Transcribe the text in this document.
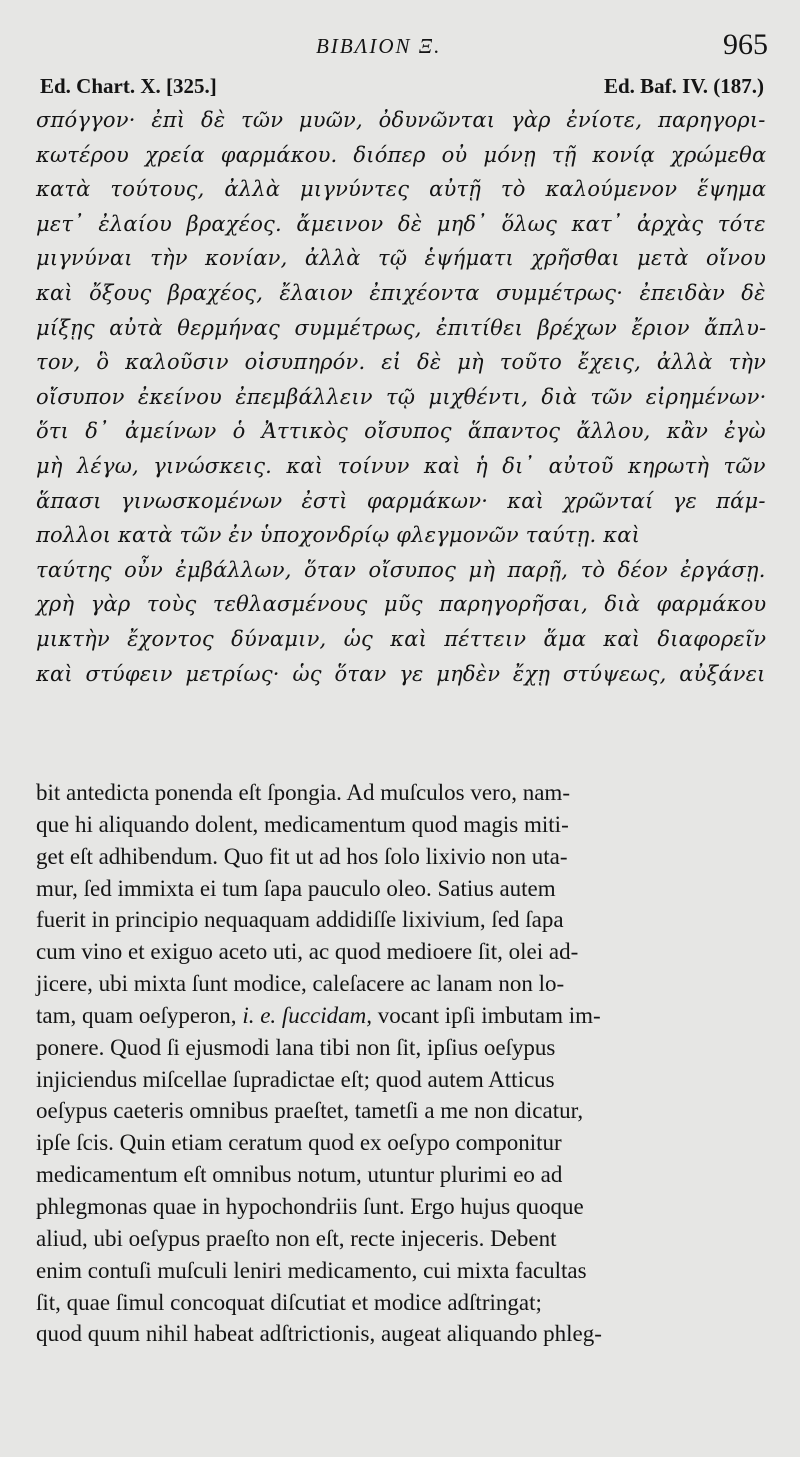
ΒΙΒΛΙΟΝ Ξ.	965
Ed. Chart. X. [325.]	Ed. Baf. IV. (187.)
σπόγγον· ἐπὶ δὲ τῶν μυῶν, ὀδυνῶνται γὰρ ἐνίοτε, παρηγορι-
κωτέρου χρεία φαρμάκου. διόπερ οὐ μόνῃ τῇ κονίᾳ χρώμεθα
κατὰ τούτους, ἀλλὰ μιγνύντες αὐτῇ τὸ καλούμενον ἕψημα
μετ᾽ ἐλαίου βραχέος. ἄμεινον δὲ μηδ᾽ ὅλως κατ᾽ ἀρχὰς τότε
μιγνύναι τὴν κονίαν, ἀλλὰ τῷ ἑψήματι χρῆσθαι μετὰ οἴνου
καὶ ὄξους βραχέος, ἔλαιον ἐπιχέοντα συμμέτρως· ἐπειδὰν δὲ
μίξῃς αὐτὰ θερμήνας συμμέτρως, ἐπιτίθει βρέχων ἔριον ἄπλυ-
τον, ὃ καλοῦσιν οἰσυπηρόν. εἰ δὲ μὴ τοῦτο ἔχεις, ἀλλὰ τὴν
οἴσυπον ἐκείνου ἐπεμβάλλειν τῷ μιχθέντι, διὰ τῶν εἰρημένων·
ὅτι δ᾽ ἀμείνων ὁ Ἀττικὸς οἴσυπος ἅπαντος ἄλλου, κἂν ἐγὼ
μὴ λέγω, γινώσκεις. καὶ τοίνυν καὶ ἡ δι᾽ αὐτοῦ κηρωτὴ τῶν
ἅπασι γινωσκομένων ἐστὶ φαρμάκων· καὶ χρῶνταί γε πάμ-
πολλοι κατὰ τῶν ἐν ὑποχονδρίῳ φλεγμονῶν ταύτῃ. καὶ
ταύτης οὖν ἐμβάλλων, ὅταν οἴσυπος μὴ παρῇ, τὸ δέον ἐργάσῃ.
χρὴ γὰρ τοὺς τεθλασμένους μῦς παρηγορῆσαι, διὰ φαρμάκου
μικτὴν ἔχοντος δύναμιν, ὡς καὶ πέττειν ἅμα καὶ διαφορεῖν
καὶ στύφειν μετρίως· ὡς ὅταν γε μηδὲν ἔχῃ στύψεως, αὐξάνει
bit antedicta ponenda eſt ſpongia. Ad muſculos vero, nam-
que hi aliquando dolent, medicamentum quod magis miti-
get eſt adhibendum. Quo fit ut ad hos ſolo lixivio non uta-
mur, ſed immixta ei tum ſapa pauculo oleo. Satius autem
fuerit in principio nequaquam addidiſſe lixivium, ſed ſapa
cum vino et exiguo aceto uti, ac quod medioere ſit, olei ad-
jicere, ubi mixta ſunt modice, caleſacere ac lanam non lo-
tam, quam oeſyperon, i. e. ſuccidam, vocant ipſi imbutam im-
ponere. Quod ſi ejusmodi lana tibi non ſit, ipſius oeſypus
injiciendus miſcellae ſupradictae eſt; quod autem Atticus
oeſypus caeteris omnibus praeſtet, tametſi a me non dicatur,
ipſe ſcis. Quin etiam ceratum quod ex oeſypo componitur
medicamentum eſt omnibus notum, utuntur plurimi eo ad
phlegmonas quae in hypochondriis ſunt. Ergo hujus quoque
aliud, ubi oeſypus praeſto non eſt, recte injeceris. Debent
enim contuſi muſculi leniri medicamento, cui mixta facultas
ſit, quae ſimul concoquat diſcutiat et modice adſtringat;
quod quum nihil habeat adſtrictionis, augeat aliquando phleg-
